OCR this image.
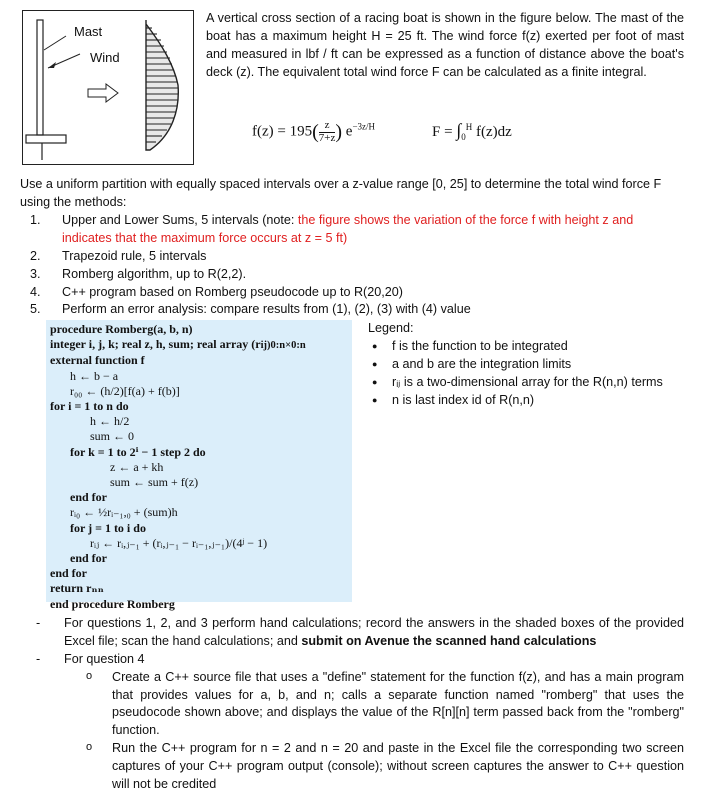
Mast
Wind
A vertical cross section of a racing boat is shown in the figure below. The mast of the boat has a maximum height H = 25 ft. The wind force f(z) exerted per foot of mast and measured in lbf / ft can be expressed as a function of distance above the boat's deck (z). The equivalent total wind force F can be calculated as a finite integral.
$f(z) = 195( \frac{z}{7+z}$ ) $e^{-3z/H}$	$F = \int_0^H$ f(z)dz
Use a uniform partition with equally spaced intervals over a z-value range [0, 25] to determine the total wind force F using the methods:
1. Upper and Lower Sums, 5 intervals (note: the figure shows the variation of the force f with height z and indicates that the maximum force occurs at z = 5 ft)
2. Trapezoid rule, 5 intervals
3. Romberg algorithm, up to R(2,2).
4. C++ program based on Romberg pseudocode up to R(20,20)
5. Perform an error analysis: compare results from (1), (2), (3) with (4) value
procedure Romberg(a, b, n)
integer i, j, k; real z, h, sum; real array (rij)0:n×0:n
external function f
h ← b − a
r₀₀ ← (h/2)[f(a) + f(b)]
for i = 1 to n do
h ← h/2
sum ← 0
for k = 1 to 2ⁱ − 1 step 2 do
z ← a + kh
sum ← sum + f(z)
end for
rᵢ₀ ← ½rᵢ₋₁,₀ + (sum)h
for j = 1 to i do
rᵢⱼ ← rᵢ,ⱼ₋₁ + (rᵢ,ⱼ₋₁ − rᵢ₋₁,ⱼ₋₁)/(4ʲ − 1)
end for
end for
return rₙₙ
end procedure Romberg
Legend:
● f is the function to be integrated
● a and b are the integration limits
● rᵢⱼ is a two-dimensional array for the R(n,n) terms
● n is last index id of R(n,n)
- For questions 1, 2, and 3 perform hand calculations; record the answers in the shaded boxes of the provided Excel file; scan the hand calculations; and submit on Avenue the scanned hand calculations
- For question 4
o Create a C++ source file that uses a "define" statement for the function f(z), and has a main program that provides values for a, b, and n; calls a separate function named "romberg" that uses the pseudocode shown above; and displays the value of the R[n][n] term passed back from the "romberg" function.
o Run the C++ program for n = 2 and n = 20 and paste in the Excel file the corresponding two screen captures of your C++ program output (console); without screen captures the answer to C++ question will not be credited
